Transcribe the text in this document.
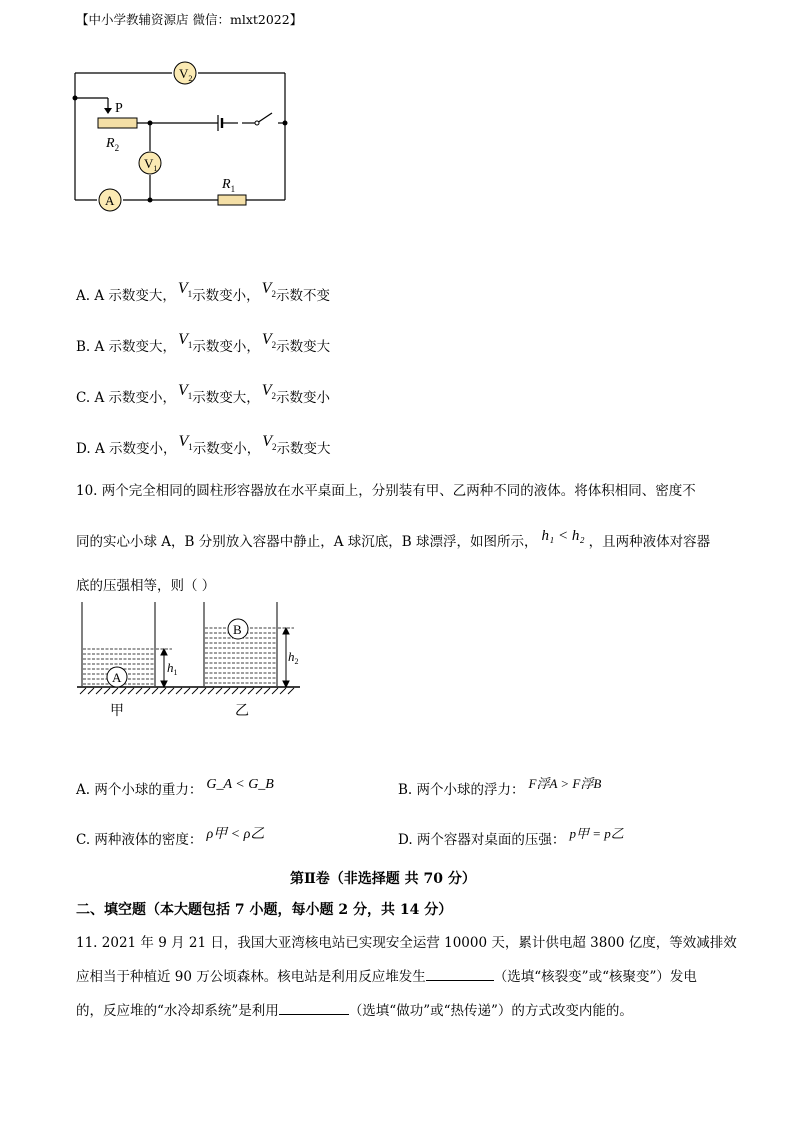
【中小学教辅资源店 微信：mlxt2022】
$V_2$
$V_1$
A
P
$R_2$
$R_1$
A. A 示数变大， $V_1$示数变小， $V_2$示数不变
B. A 示数变大， $V_1$示数变小， $V_2$示数变大
C. A 示数变小， $V_1$示数变大， $V_2$示数变小
D. A 示数变小， $V_1$示数变小， $V_2$示数变大
10. 两个完全相同的圆柱形容器放在水平桌面上，分别装有甲、乙两种不同的液体。将体积相同、密度不
同的实心小球 A，B 分别放入容器中静止，A 球沉底，B 球漂浮，如图所示， h₁ < h₂ ，且两种液体对容器
底的压强相等，则（ ）
A
B
$h_1$
$h_2$
甲	乙
A. 两个小球的重力： G_A < G_B	B. 两个小球的浮力： F浮A > F浮B
C. 两种液体的密度： ρ甲 < ρ乙	D. 两个容器对桌面的压强： p甲 = p乙
第Ⅱ卷（非选择题 共 70 分）
二、填空题（本大题包括 7 小题，每小题 2 分，共 14 分）
11. 2021 年 9 月 21 日，我国大亚湾核电站已实现安全运营 10000 天，累计供电超 3800 亿度，等效减排效
应相当于种植近 90 万公顷森林。核电站是利用反应堆发生	（选填“核裂变”或“核聚变”）发电
的，反应堆的“水冷却系统”是利用	（选填“做功”或“热传递”）的方式改变内能的。
